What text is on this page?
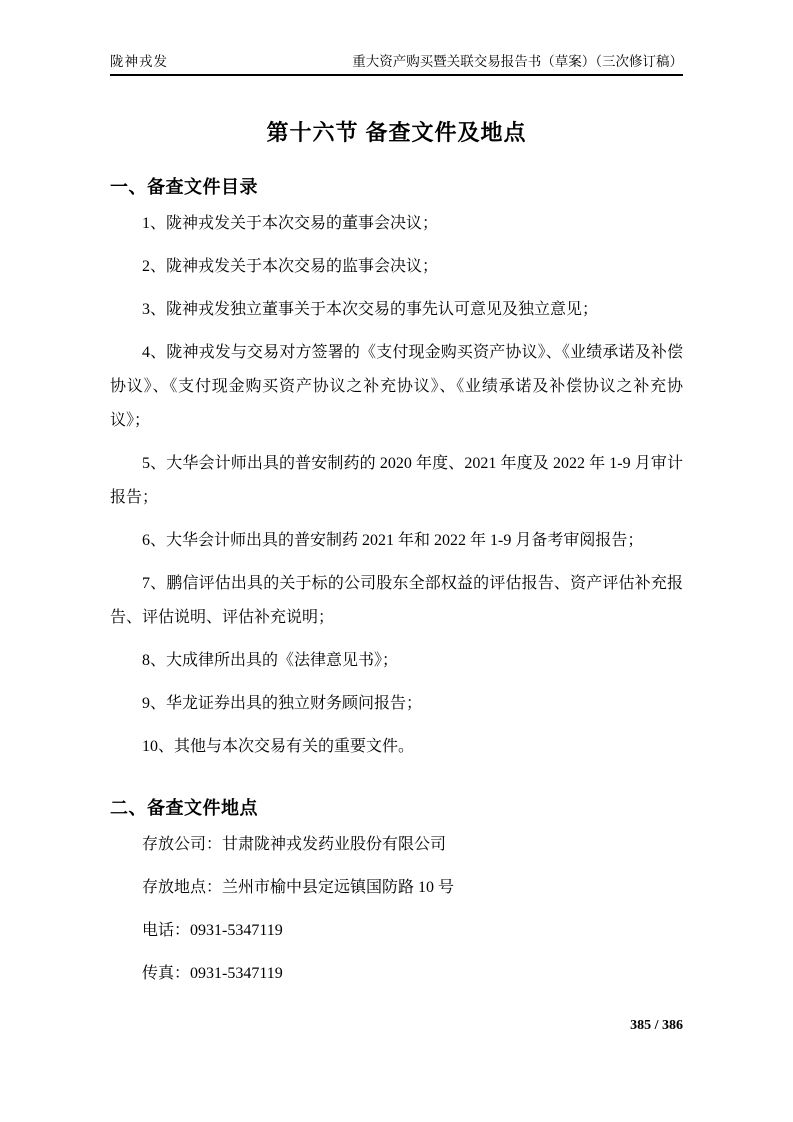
陇神戎发	重大资产购买暨关联交易报告书（草案）（三次修订稿）
第十六节 备查文件及地点
一、备查文件目录

1、陇神戎发关于本次交易的董事会决议；

2、陇神戎发关于本次交易的监事会决议；

3、陇神戎发独立董事关于本次交易的事先认可意见及独立意见；

4、陇神戎发与交易对方签署的《支付现金购买资产协议》、《业绩承诺及补偿协议》、《支付现金购买资产协议之补充协议》、《业绩承诺及补偿协议之补充协议》；

5、大华会计师出具的普安制药的 2020 年度、2021 年度及 2022 年 1-9 月审计报告；

6、大华会计师出具的普安制药 2021 年和 2022 年 1-9 月备考审阅报告；

7、鹏信评估出具的关于标的公司股东全部权益的评估报告、资产评估补充报告、评估说明、评估补充说明；

8、大成律所出具的《法律意见书》；

9、华龙证券出具的独立财务顾问报告；

10、其他与本次交易有关的重要文件。

二、备查文件地点

存放公司：甘肃陇神戎发药业股份有限公司

存放地点：兰州市榆中县定远镇国防路 10 号

电话：0931-5347119

传真：0931-5347119

385 / 386
